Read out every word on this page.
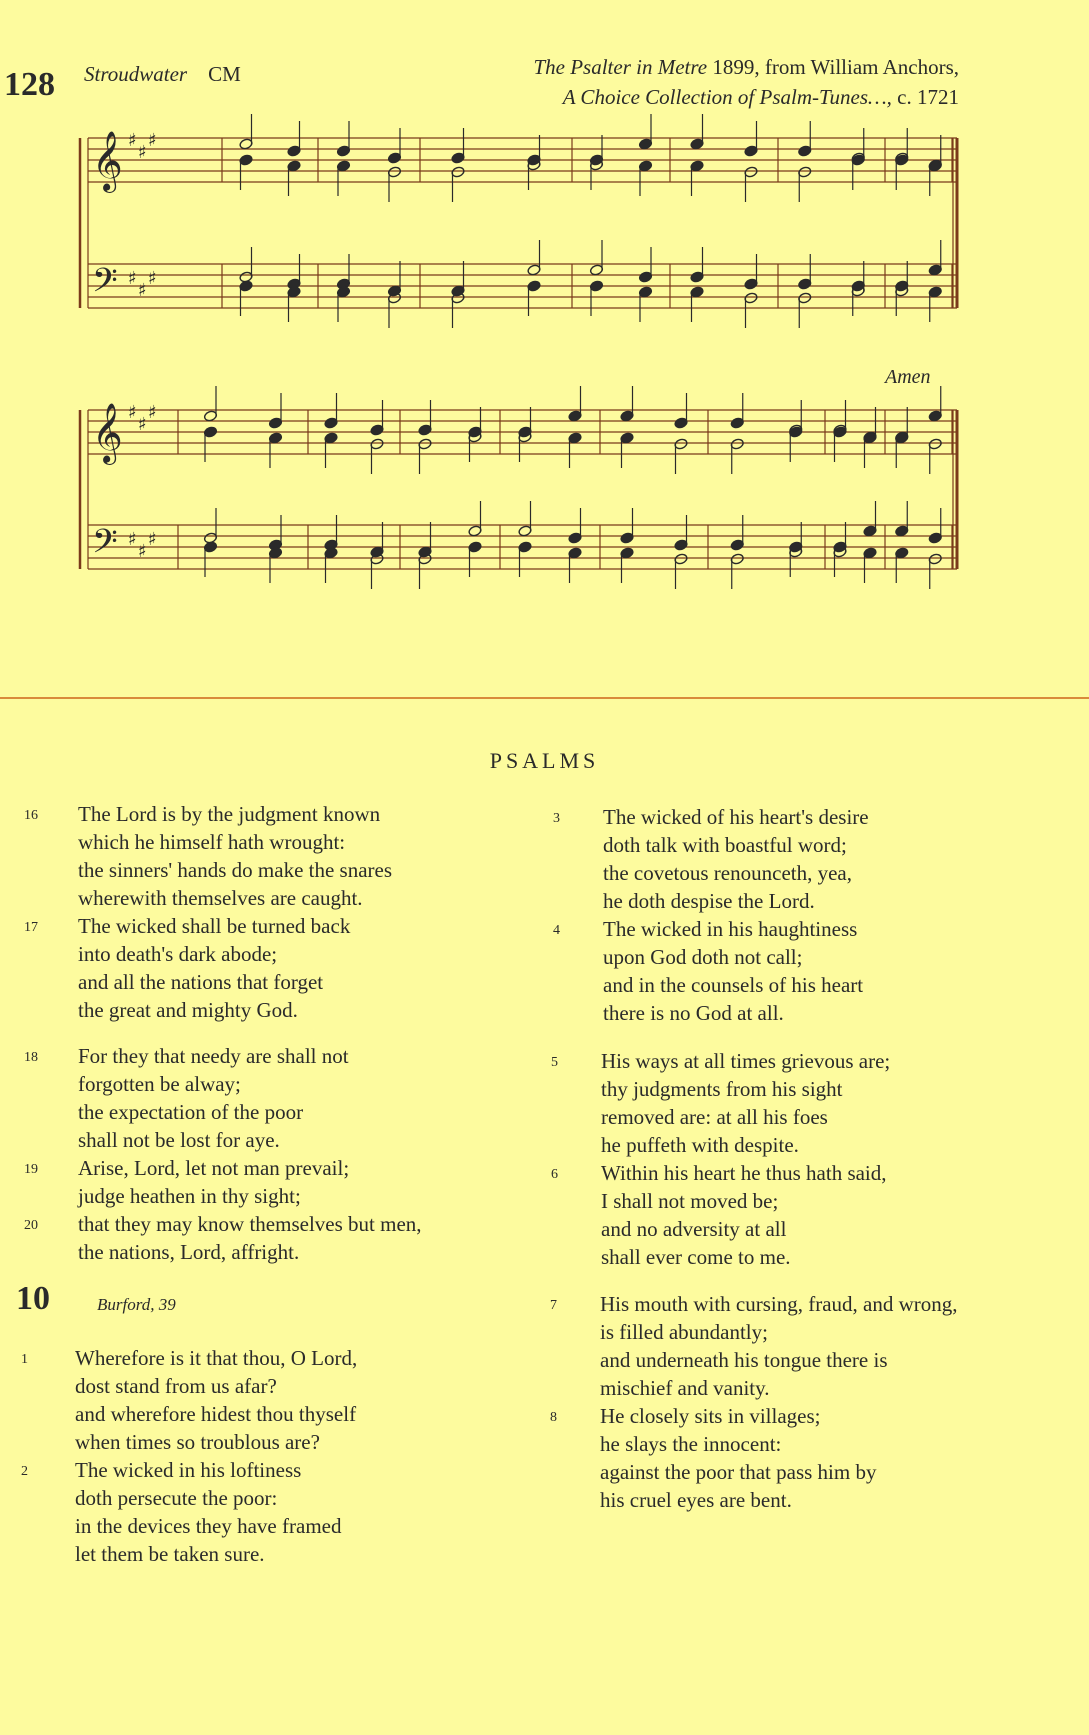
128 Stroudwater CM	The Psalter in Metre 1899, from William Anchors,
A Choice Collection of Psalm-Tunes…, c. 1721
Amen
𝄞 ♯
♯
♯
𝄢 ♯
♯
♯
𝄞 ♯
♯
♯
𝄢 ♯
♯
♯
PSALMS
16	The Lord is by the judgment known
which he himself hath wrought:
the sinners' hands do make the snares
wherewith themselves are caught.
17	The wicked shall be turned back
into death's dark abode;
and all the nations that forget
the great and mighty God.
18	For they that needy are shall not
forgotten be alway;
the expectation of the poor
shall not be lost for aye.
19	Arise, Lord, let not man prevail;
judge heathen in thy sight;
20	that they may know themselves but men,
the nations, Lord, affright.
10	Burford, 39
1	Wherefore is it that thou, O Lord,
dost stand from us afar?
and wherefore hidest thou thyself
when times so troublous are?
2	The wicked in his loftiness
doth persecute the poor:
in the devices they have framed
let them be taken sure.
3	The wicked of his heart's desire
doth talk with boastful word;
the covetous renounceth, yea,
he doth despise the Lord.
4	The wicked in his haughtiness
upon God doth not call;
and in the counsels of his heart
there is no God at all.
5	His ways at all times grievous are;
thy judgments from his sight
removed are: at all his foes
he puffeth with despite.
6	Within his heart he thus hath said,
I shall not moved be;
and no adversity at all
shall ever come to me.
7	His mouth with cursing, fraud, and wrong,
is filled abundantly;
and underneath his tongue there is
mischief and vanity.
8	He closely sits in villages;
he slays the innocent:
against the poor that pass him by
his cruel eyes are bent.
